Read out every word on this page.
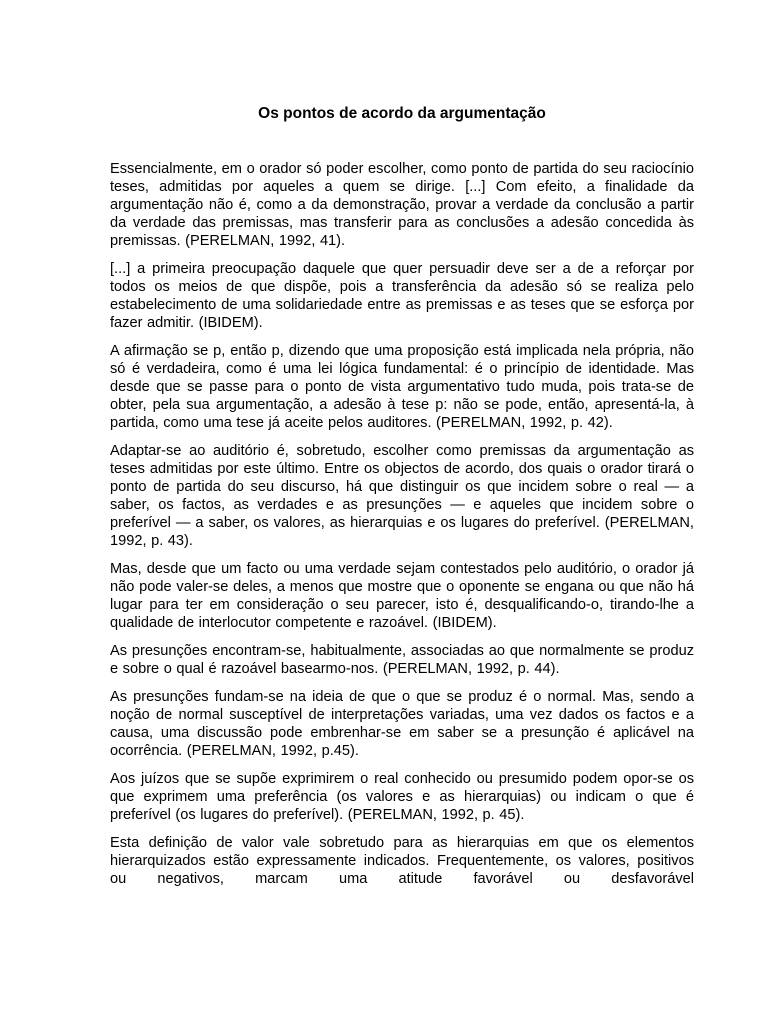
Os pontos de acordo da argumentação

Essencialmente, em o orador só poder escolher, como ponto de partida do seu raciocínio teses, admitidas por aqueles a quem se dirige. [...] Com efeito, a finalidade da argumentação não é, como a da demonstração, provar a verdade da conclusão a partir da verdade das premissas, mas transferir para as conclusões a adesão concedida às premissas. (PERELMAN, 1992, 41).

[...] a primeira preocupação daquele que quer persuadir deve ser a de a reforçar por todos os meios de que dispõe, pois a transferência da adesão só se realiza pelo estabelecimento de uma solidariedade entre as premissas e as teses que se esforça por fazer admitir. (IBIDEM).

A afirmação se p, então p, dizendo que uma proposição está implicada nela própria, não só é verdadeira, como é uma lei lógica fundamental: é o princípio de identidade. Mas desde que se passe para o ponto de vista argumentativo tudo muda, pois trata-se de obter, pela sua argumentação, a adesão à tese p: não se pode, então, apresentá-la, à partida, como uma tese já aceite pelos auditores. (PERELMAN, 1992, p. 42).

Adaptar-se ao auditório é, sobretudo, escolher como premissas da argumentação as teses admitidas por este último. Entre os objectos de acordo, dos quais o orador tirará o ponto de partida do seu discurso, há que distinguir os que incidem sobre o real — a saber, os factos, as verdades e as presunções — e aqueles que incidem sobre o preferível — a saber, os valores, as hierarquias e os lugares do preferível. (PERELMAN, 1992, p. 43).

Mas, desde que um facto ou uma verdade sejam contestados pelo auditório, o orador já não pode valer-se deles, a menos que mostre que o oponente se engana ou que não há lugar para ter em consideração o seu parecer, isto é, desqualificando-o, tirando-lhe a qualidade de interlocutor competente e razoável. (IBIDEM).

As presunções encontram-se, habitualmente, associadas ao que normalmente se produz e sobre o qual é razoável basearmo-nos. (PERELMAN, 1992, p. 44).

As presunções fundam-se na ideia de que o que se produz é o normal. Mas, sendo a noção de normal susceptível de interpretações variadas, uma vez dados os factos e a causa, uma discussão pode embrenhar-se em saber se a presunção é aplicável na ocorrência. (PERELMAN, 1992, p.45).

Aos juízos que se supõe exprimirem o real conhecido ou presumido podem opor-se os que exprimem uma preferência (os valores e as hierarquias) ou indicam o que é preferível (os lugares do preferível). (PERELMAN, 1992, p. 45).

Esta definição de valor vale sobretudo para as hierarquias em que os elementos hierarquizados estão expressamente indicados. Frequentemente, os valores, positivos ou negativos, marcam uma atitude favorável ou desfavorável
